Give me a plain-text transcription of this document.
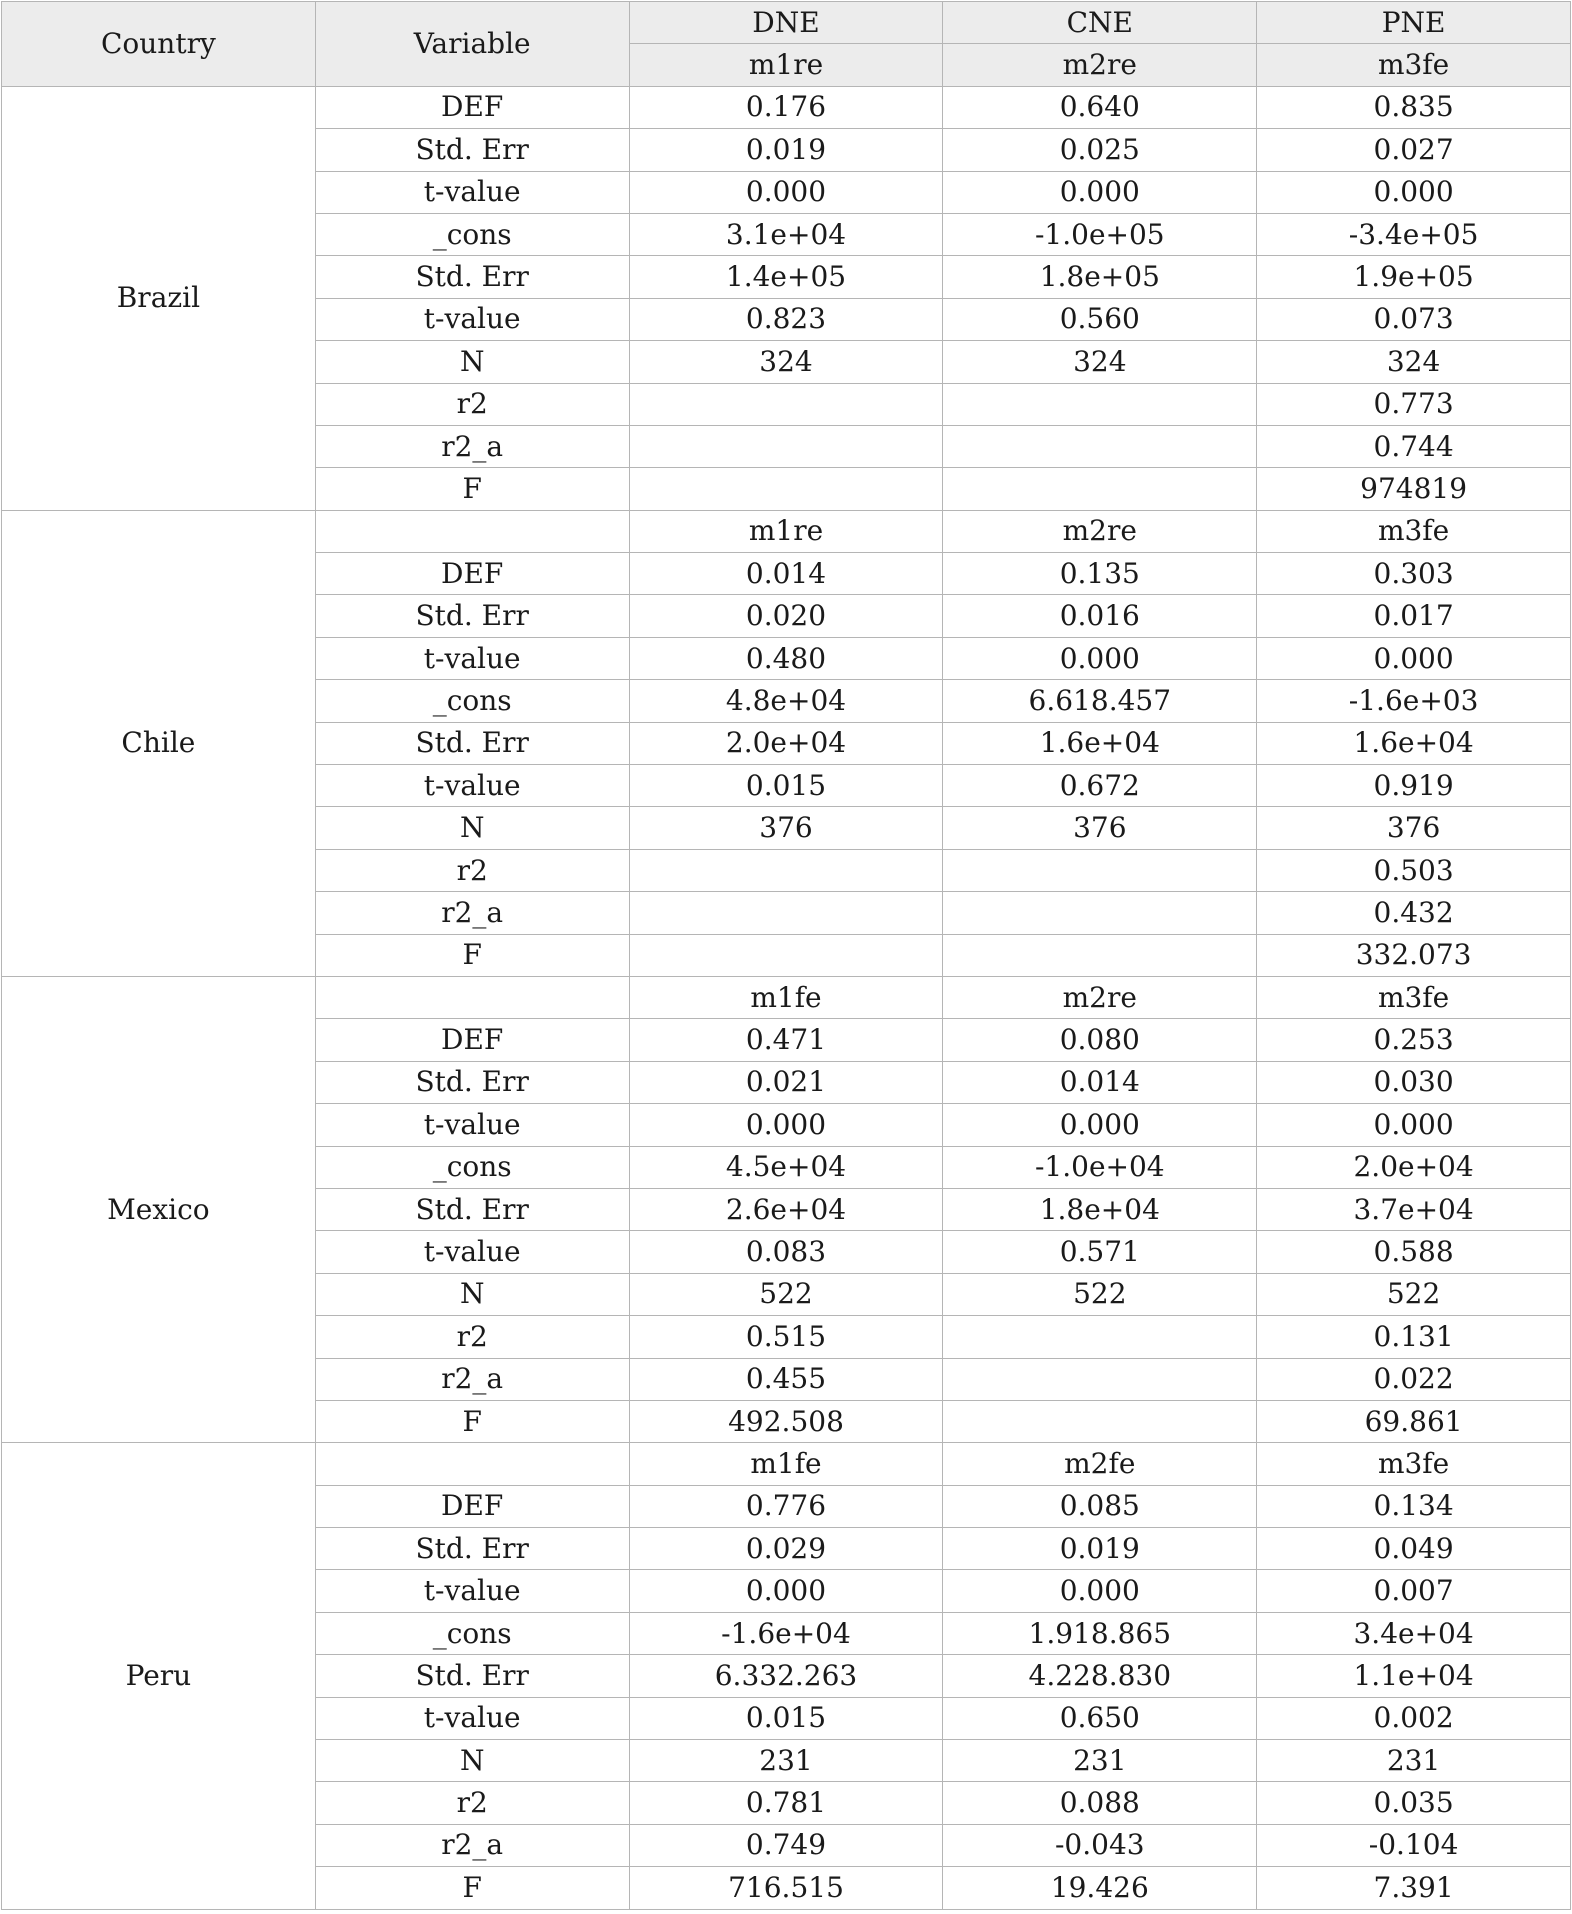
Country	Variable	DNE	CNE	PNE
		m1re	m2re	m3fe
Brazil	DEF	0.176	0.640	0.835
	Std. Err	0.019	0.025	0.027
	t-value	0.000	0.000	0.000
	_cons	3.1e+04	-1.0e+05	-3.4e+05
	Std. Err	1.4e+05	1.8e+05	1.9e+05
	t-value	0.823	0.560	0.073
	N	324	324	324
	r2			0.773
	r2_a			0.744
	F			974819
Chile		m1re	m2re	m3fe
	DEF	0.014	0.135	0.303
	Std. Err	0.020	0.016	0.017
	t-value	0.480	0.000	0.000
	_cons	4.8e+04	6.618.457	-1.6e+03
	Std. Err	2.0e+04	1.6e+04	1.6e+04
	t-value	0.015	0.672	0.919
	N	376	376	376
	r2			0.503
	r2_a			0.432
	F			332.073
Mexico		m1fe	m2re	m3fe
	DEF	0.471	0.080	0.253
	Std. Err	0.021	0.014	0.030
	t-value	0.000	0.000	0.000
	_cons	4.5e+04	-1.0e+04	2.0e+04
	Std. Err	2.6e+04	1.8e+04	3.7e+04
	t-value	0.083	0.571	0.588
	N	522	522	522
	r2	0.515		0.131
	r2_a	0.455		0.022
	F	492.508		69.861
Peru		m1fe	m2fe	m3fe
	DEF	0.776	0.085	0.134
	Std. Err	0.029	0.019	0.049
	t-value	0.000	0.000	0.007
	_cons	-1.6e+04	1.918.865	3.4e+04
	Std. Err	6.332.263	4.228.830	1.1e+04
	t-value	0.015	0.650	0.002
	N	231	231	231
	r2	0.781	0.088	0.035
	r2_a	0.749	-0.043	-0.104
	F	716.515	19.426	7.391
